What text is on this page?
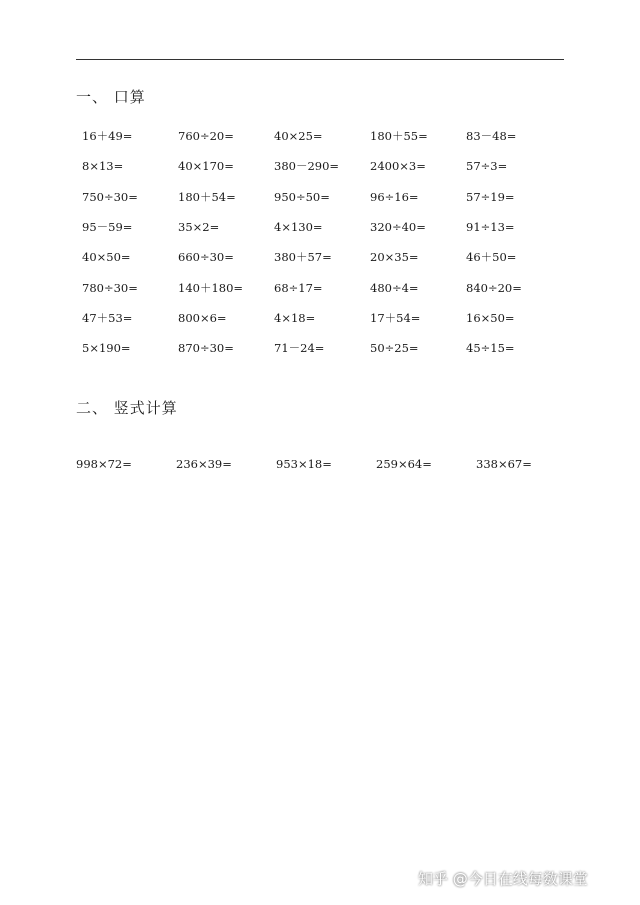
一、 口算
16＋49=	760÷20=	40×25=	180＋55=	83－48=
8×13=	40×170=	380－290=	2400×3=	57÷3=
750÷30=	180＋54=	950÷50=	96÷16=	57÷19=
95－59=	35×2=	4×130=	320÷40=	91÷13=
40×50=	660÷30=	380＋57=	20×35=	46＋50=
780÷30=	140＋180=	68÷17=	480÷4=	840÷20=
47＋53=	800×6=	4×18=	17＋54=	16×50=
5×190=	870÷30=	71－24=	50÷25=	45÷15=
二、 竖式计算
998×72=	236×39=	953×18=	259×64=	338×67=
知乎 @今日在线每数课堂
